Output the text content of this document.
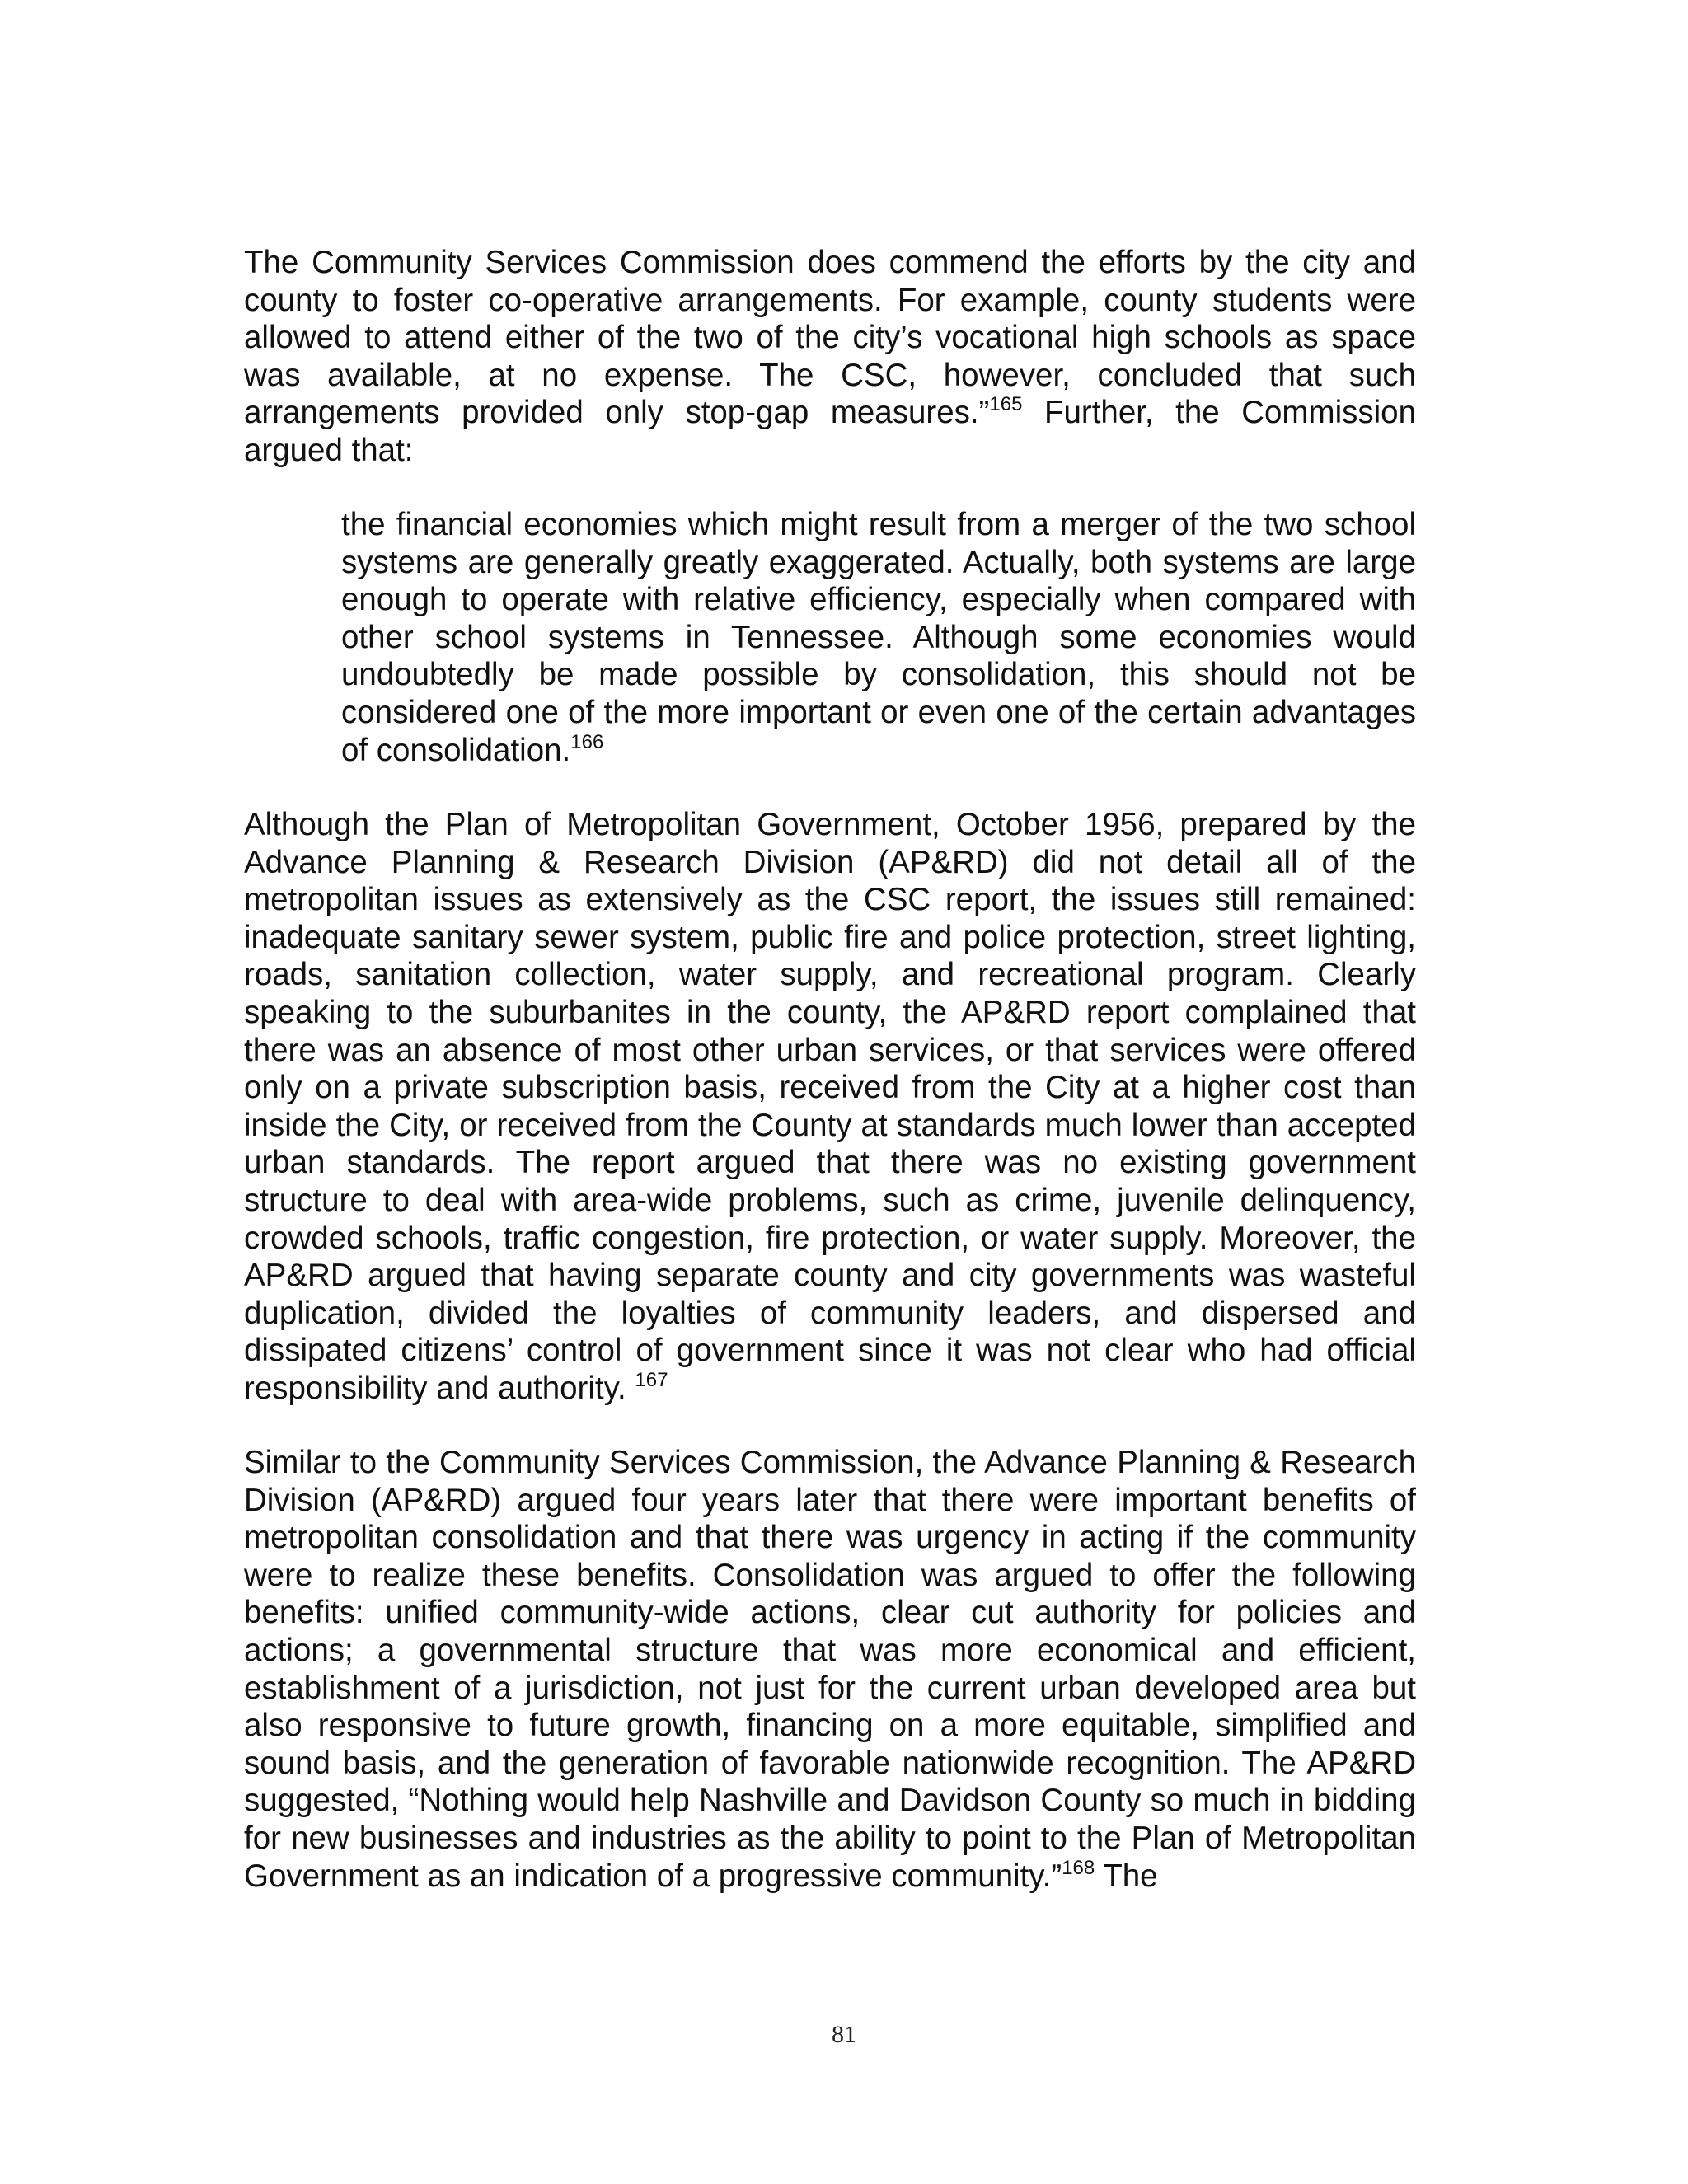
The Community Services Commission does commend the efforts by the city and county to foster co-operative arrangements. For example, county students were allowed to attend either of the two of the city’s vocational high schools as space was available, at no expense. The CSC, however, concluded that such arrangements provided only stop-gap measures.”$^{165}$ Further, the Commission argued that:

the financial economies which might result from a merger of the two school systems are generally greatly exaggerated. Actually, both systems are large enough to operate with relative efficiency, especially when compared with other school systems in Tennessee. Although some economies would undoubtedly be made possible by consolidation, this should not be considered one of the more important or even one of the certain advantages of consolidation.$^{166}$

Although the Plan of Metropolitan Government, October 1956, prepared by the Advance Planning & Research Division (AP&RD) did not detail all of the metropolitan issues as extensively as the CSC report, the issues still remained: inadequate sanitary sewer system, public fire and police protection, street lighting, roads, sanitation collection, water supply, and recreational program. Clearly speaking to the suburbanites in the county, the AP&RD report complained that there was an absence of most other urban services, or that services were offered only on a private subscription basis, received from the City at a higher cost than inside the City, or received from the County at standards much lower than accepted urban standards. The report argued that there was no existing government structure to deal with area-wide problems, such as crime, juvenile delinquency, crowded schools, traffic congestion, fire protection, or water supply. Moreover, the AP&RD argued that having separate county and city governments was wasteful duplication, divided the loyalties of community leaders, and dispersed and dissipated citizens’ control of government since it was not clear who had official responsibility and authority. $^{167}$

Similar to the Community Services Commission, the Advance Planning & Research Division (AP&RD) argued four years later that there were important benefits of metropolitan consolidation and that there was urgency in acting if the community were to realize these benefits. Consolidation was argued to offer the following benefits: unified community-wide actions, clear cut authority for policies and actions; a governmental structure that was more economical and efficient, establishment of a jurisdiction, not just for the current urban developed area but also responsive to future growth, financing on a more equitable, simplified and sound basis, and the generation of favorable nationwide recognition. The AP&RD suggested, “Nothing would help Nashville and Davidson County so much in bidding for new businesses and industries as the ability to point to the Plan of Metropolitan Government as an indication of a progressive community.”$^{168}$ The

81
